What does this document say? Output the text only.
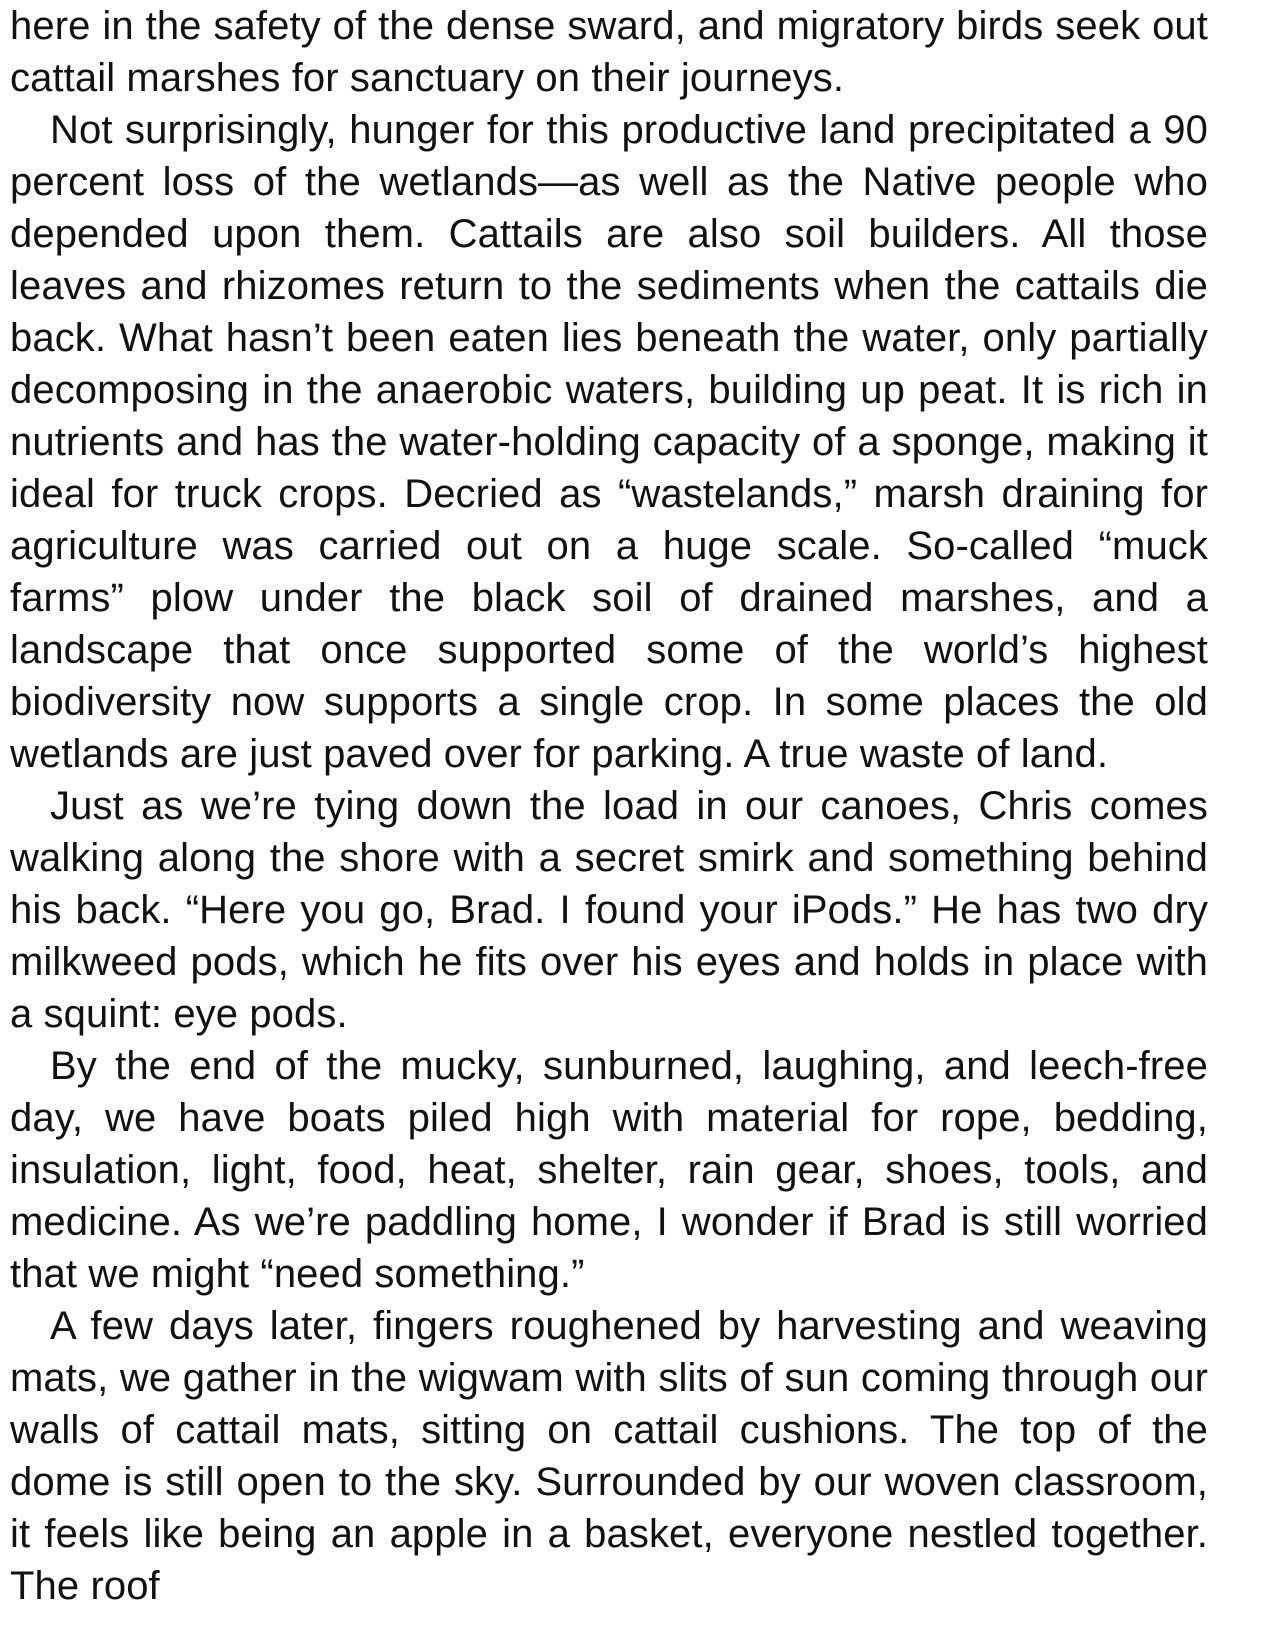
here in the safety of the dense sward, and migratory birds seek out cattail marshes for sanctuary on their journeys.

Not surprisingly, hunger for this productive land precipitated a 90 percent loss of the wetlands—as well as the Native people who depended upon them. Cattails are also soil builders. All those leaves and rhizomes return to the sediments when the cattails die back. What hasn’t been eaten lies beneath the water, only partially decomposing in the anaerobic waters, building up peat. It is rich in nutrients and has the water-holding capacity of a sponge, making it ideal for truck crops. Decried as “wastelands,” marsh draining for agriculture was carried out on a huge scale. So-called “muck farms” plow under the black soil of drained marshes, and a landscape that once supported some of the world’s highest biodiversity now supports a single crop. In some places the old wetlands are just paved over for parking. A true waste of land.

Just as we’re tying down the load in our canoes, Chris comes walking along the shore with a secret smirk and something behind his back. “Here you go, Brad. I found your iPods.” He has two dry milkweed pods, which he fits over his eyes and holds in place with a squint: eye pods.

By the end of the mucky, sunburned, laughing, and leech-free day, we have boats piled high with material for rope, bedding, insulation, light, food, heat, shelter, rain gear, shoes, tools, and medicine. As we’re paddling home, I wonder if Brad is still worried that we might “need something.”

A few days later, fingers roughened by harvesting and weaving mats, we gather in the wigwam with slits of sun coming through our walls of cattail mats, sitting on cattail cushions. The top of the dome is still open to the sky. Surrounded by our woven classroom, it feels like being an apple in a basket, everyone nestled together. The roof
